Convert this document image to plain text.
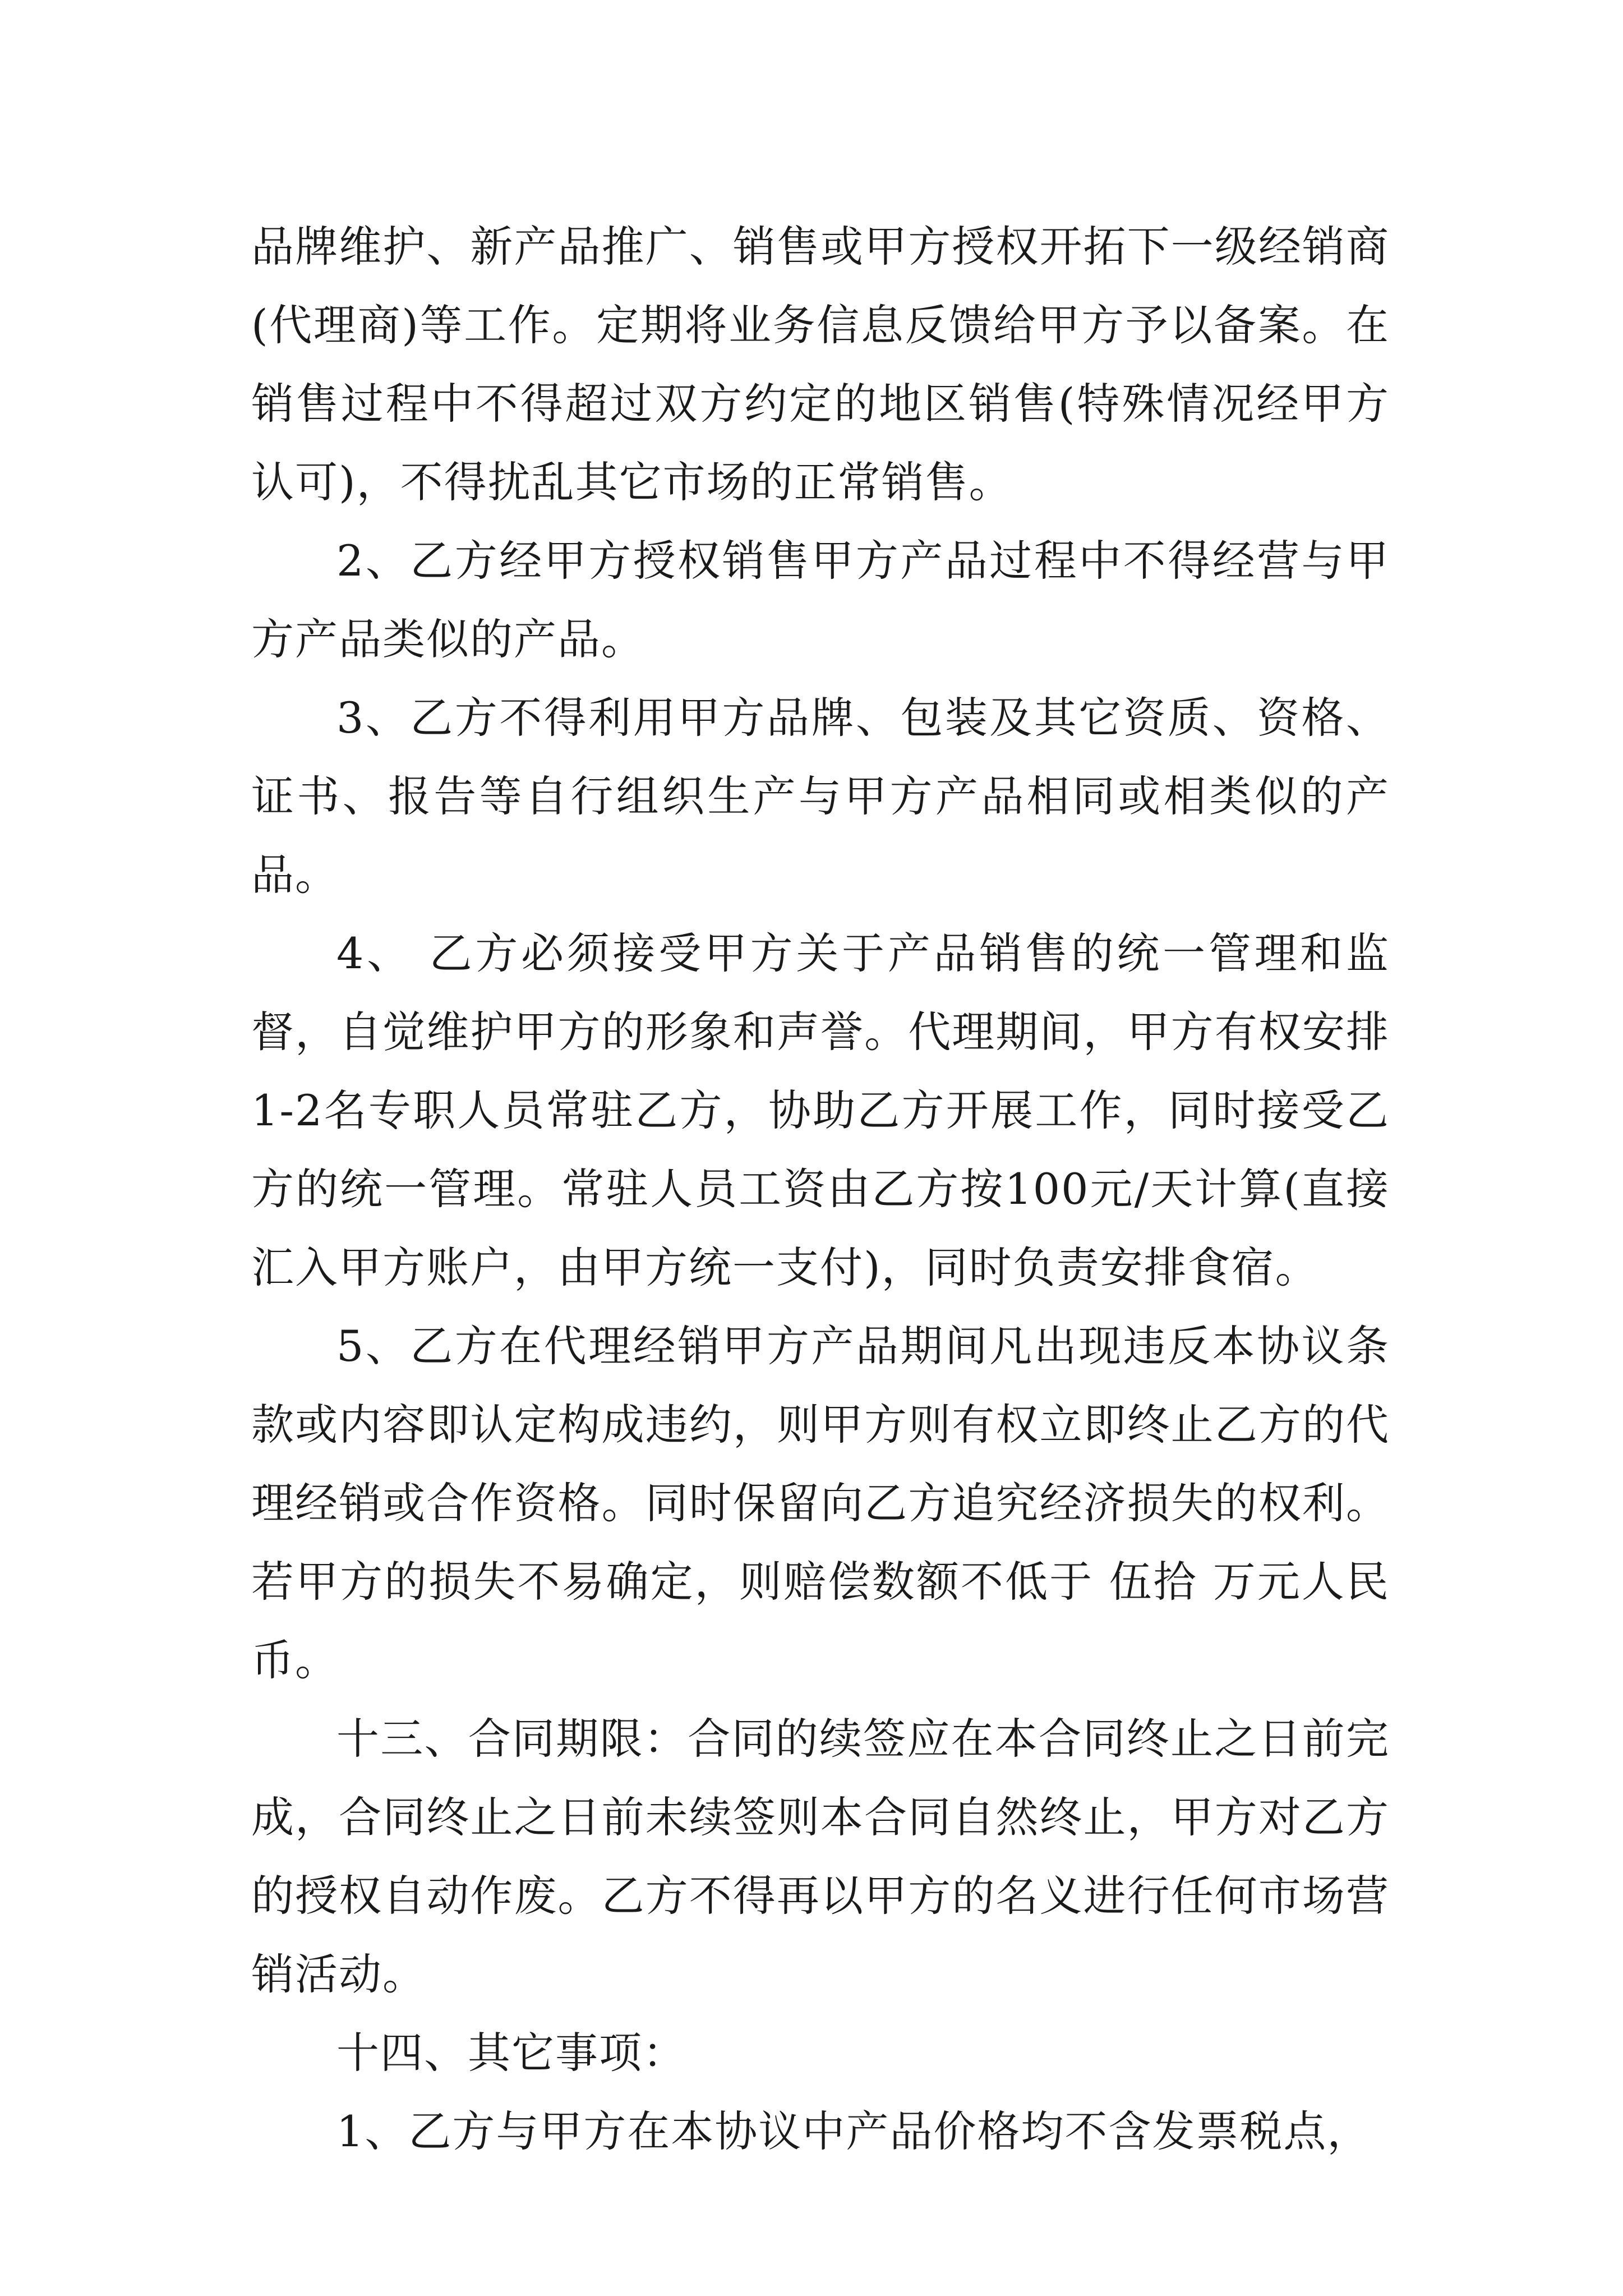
品牌维护、新产品推广、销售或甲方授权开拓下一级经销商(代理商)等工作。定期将业务信息反馈给甲方予以备案。在销售过程中不得超过双方约定的地区销售(特殊情况经甲方认可)，不得扰乱其它市场的正常销售。

2、乙方经甲方授权销售甲方产品过程中不得经营与甲方产品类似的产品。

3、乙方不得利用甲方品牌、包装及其它资质、资格、证书、报告等自行组织生产与甲方产品相同或相类似的产品。

4、 乙方必须接受甲方关于产品销售的统一管理和监督，自觉维护甲方的形象和声誉。代理期间，甲方有权安排1-2名专职人员常驻乙方，协助乙方开展工作，同时接受乙方的统一管理。常驻人员工资由乙方按100元/天计算(直接汇入甲方账户，由甲方统一支付)，同时负责安排食宿。

5、乙方在代理经销甲方产品期间凡出现违反本协议条款或内容即认定构成违约，则甲方则有权立即终止乙方的代理经销或合作资格。同时保留向乙方追究经济损失的权利。若甲方的损失不易确定，则赔偿数额不低于 伍拾 万元人民币。

十三、合同期限：合同的续签应在本合同终止之日前完成，合同终止之日前未续签则本合同自然终止，甲方对乙方的授权自动作废。乙方不得再以甲方的名义进行任何市场营销活动。

十四、其它事项：

1、乙方与甲方在本协议中产品价格均不含发票税点，
